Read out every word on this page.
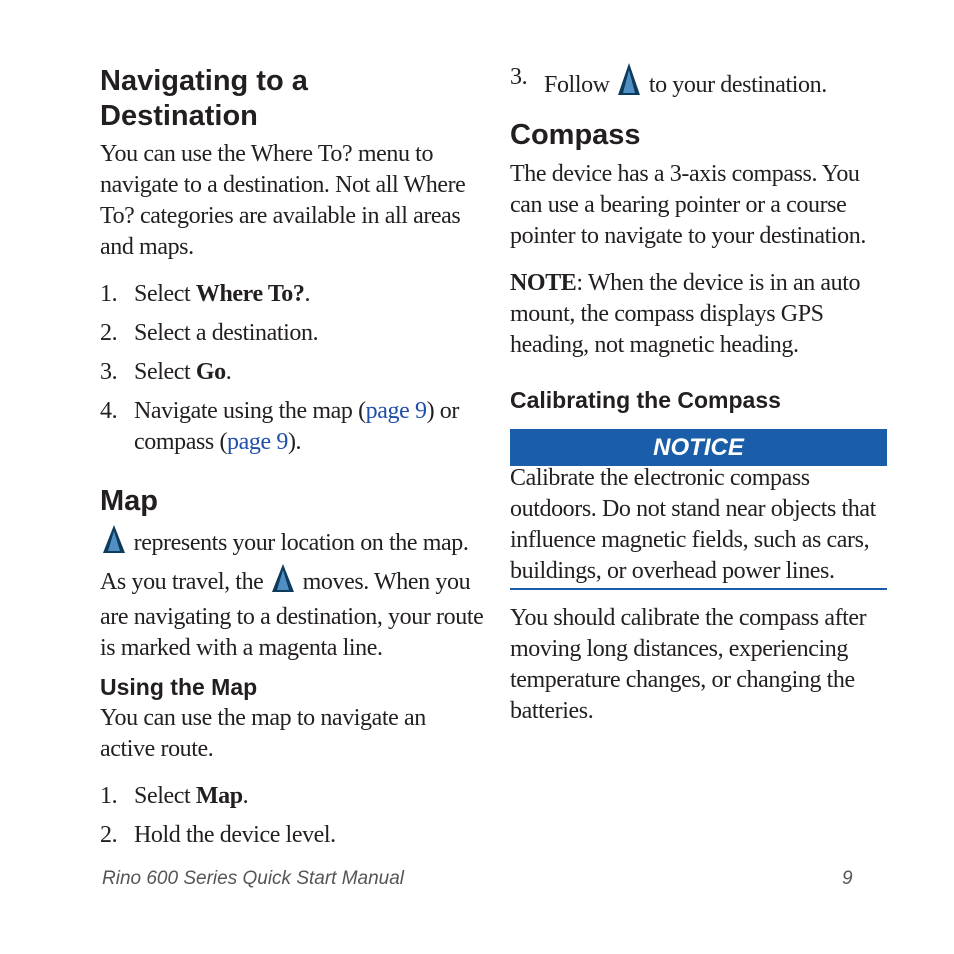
Navigating to a
Destination

You can use the Where To? menu to navigate to a destination. Not all Where To? categories are available in all areas and maps.

1. Select Where To?.
2. Select a destination.
3. Select Go.
4. Navigate using the map (page 9) or compass (page 9).
Map

represents your location on the map. As you travel, the  moves. When you are navigating to a destination, your route is marked with a magenta line.

Using the Map

You can use the map to navigate an active route.

1. Select Map.
2. Hold the device level.
3. Follow  to your destination.
Compass

The device has a 3-axis compass. You can use a bearing pointer or a course pointer to navigate to your destination.

NOTE: When the device is in an auto mount, the compass displays GPS heading, not magnetic heading.

Calibrating the Compass
NOTICE

Calibrate the electronic compass outdoors. Do not stand near objects that influence magnetic fields, such as cars, buildings, or overhead power lines.

You should calibrate the compass after moving long distances, experiencing temperature changes, or changing the batteries.

Rino 600 Series Quick Start Manual	9
